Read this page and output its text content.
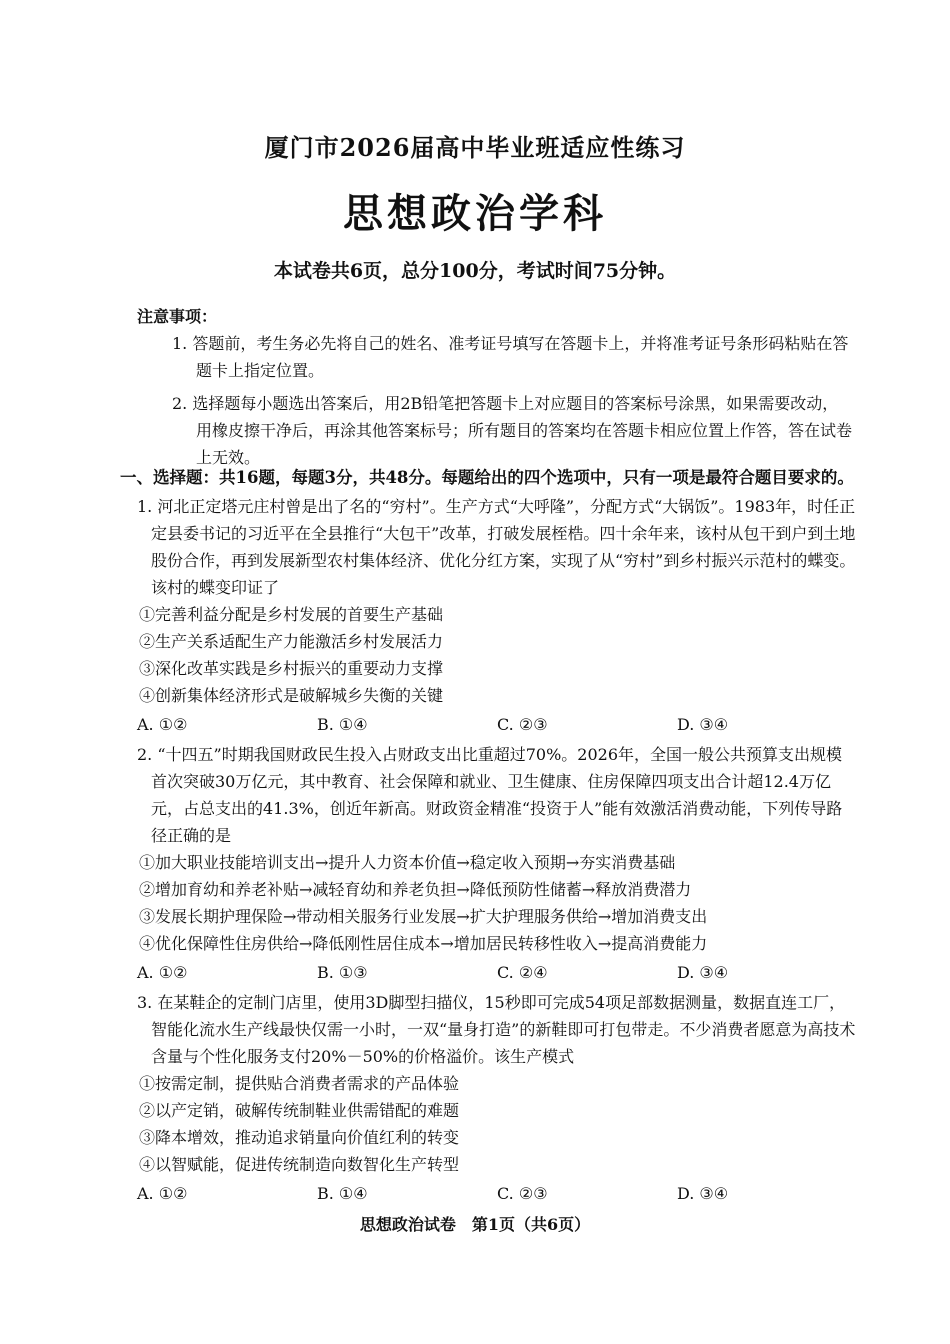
厦门市2026届高中毕业班适应性练习
思想政治学科
本试卷共6页，总分100分，考试时间75分钟。
注意事项：

1. 答题前，考生务必先将自己的姓名、准考证号填写在答题卡上，并将准考证号条形码粘贴在答题卡上指定位置。

2. 选择题每小题选出答案后，用2B铅笔把答题卡上对应题目的答案标号涂黑，如果需要改动，用橡皮擦干净后，再涂其他答案标号；所有题目的答案均在答题卡相应位置上作答，答在试卷上无效。

一、选择题：共16题，每题3分，共48分。每题给出的四个选项中，只有一项是最符合题目要求的。

1. 河北正定塔元庄村曾是出了名的“穷村”。生产方式“大呼隆”，分配方式“大锅饭”。1983年，时任正定县委书记的习近平在全县推行“大包干”改革，打破发展桎梏。四十余年来，该村从包干到户到土地股份合作，再到发展新型农村集体经济、优化分红方案，实现了从“穷村”到乡村振兴示范村的蝶变。该村的蝶变印证了

①完善利益分配是乡村发展的首要生产基础

②生产关系适配生产力能激活乡村发展活力

③深化改革实践是乡村振兴的重要动力支撑

④创新集体经济形式是破解城乡失衡的关键

A. ①②	B. ①④	C. ②③	D. ③④

2. “十四五”时期我国财政民生投入占财政支出比重超过70%。2026年，全国一般公共预算支出规模首次突破30万亿元，其中教育、社会保障和就业、卫生健康、住房保障四项支出合计超12.4万亿元，占总支出的41.3%，创近年新高。财政资金精准“投资于人”能有效激活消费动能，下列传导路径正确的是

①加大职业技能培训支出→提升人力资本价值→稳定收入预期→夯实消费基础

②增加育幼和养老补贴→减轻育幼和养老负担→降低预防性储蓄→释放消费潜力

③发展长期护理保险→带动相关服务行业发展→扩大护理服务供给→增加消费支出

④优化保障性住房供给→降低刚性居住成本→增加居民转移性收入→提高消费能力

A. ①②	B. ①③	C. ②④	D. ③④

3. 在某鞋企的定制门店里，使用3D脚型扫描仪，15秒即可完成54项足部数据测量，数据直连工厂，智能化流水生产线最快仅需一小时，一双“量身打造”的新鞋即可打包带走。不少消费者愿意为高技术含量与个性化服务支付20%－50%的价格溢价。该生产模式

①按需定制，提供贴合消费者需求的产品体验

②以产定销，破解传统制鞋业供需错配的难题

③降本增效，推动追求销量向价值红利的转变

④以智赋能，促进传统制造向数智化生产转型

A. ①②	B. ①④	C. ②③	D. ③④
思想政治试卷　第1页（共6页）
